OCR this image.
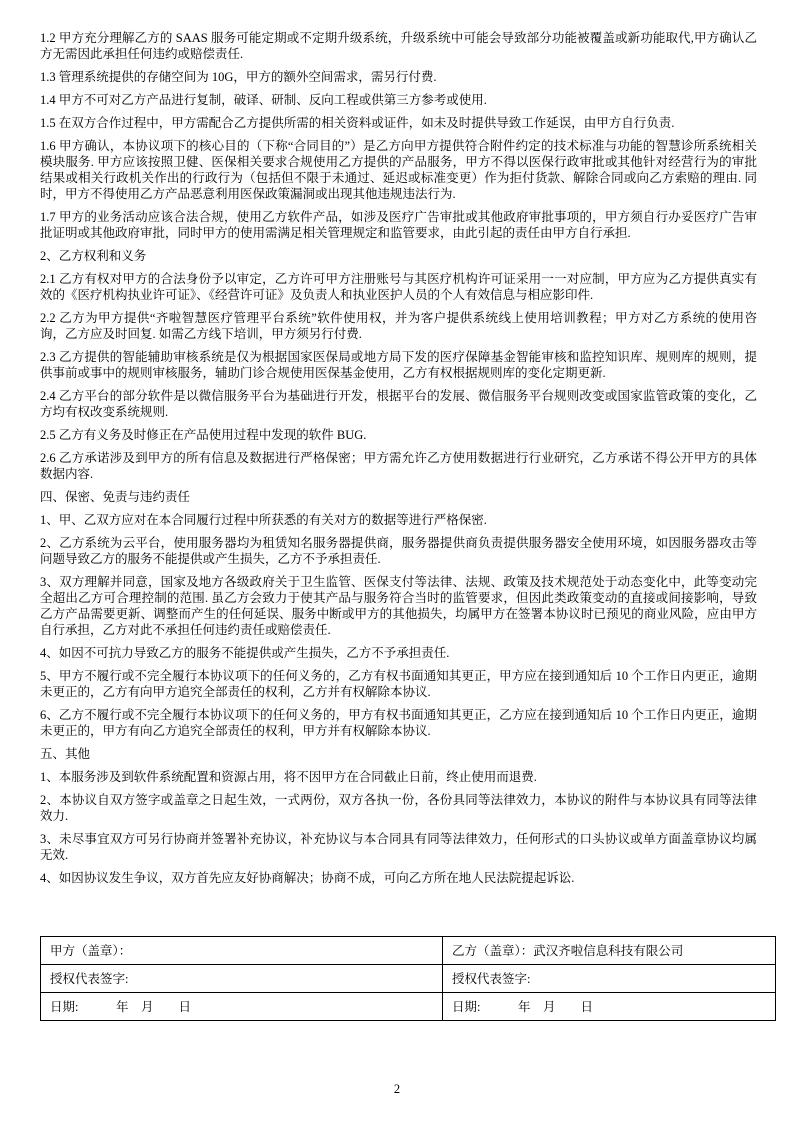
1.2 甲方充分理解乙方的 SAAS 服务可能定期或不定期升级系统，升级系统中可能会导致部分功能被覆盖或新功能取代,甲方确认乙方无需因此承担任何违约或赔偿责任.

1.3 管理系统提供的存储空间为 10G，甲方的额外空间需求，需另行付费.

1.4 甲方不可对乙方产品进行复制，破译、研制、反向工程或供第三方参考或使用.

1.5 在双方合作过程中，甲方需配合乙方提供所需的相关资料或证件，如未及时提供导致工作延误，由甲方自行负责.

1.6 甲方确认，本协议项下的核心目的（下称“合同目的”）是乙方向甲方提供符合附件约定的技术标准与功能的智慧诊所系统相关模块服务. 甲方应该按照卫健、医保相关要求合规使用乙方提供的产品服务，甲方不得以医保行政审批或其他针对经营行为的审批结果或相关行政机关作出的行政行为（包括但不限于未通过、延迟或标准变更）作为拒付货款、解除合同或向乙方索赔的理由. 同时，甲方不得使用乙方产品恶意利用医保政策漏洞或出现其他违规违法行为.

1.7 甲方的业务活动应该合法合规，使用乙方软件产品，如涉及医疗广告审批或其他政府审批事项的，甲方须自行办妥医疗广告审批证明或其他政府审批，同时甲方的使用需满足相关管理规定和监管要求，由此引起的责任由甲方自行承担.

2、乙方权利和义务

2.1 乙方有权对甲方的合法身份予以审定，乙方许可甲方注册账号与其医疗机构许可证采用一一对应制，甲方应为乙方提供真实有效的《医疗机构执业许可证》、《经营许可证》及负责人和执业医护人员的个人有效信息与相应影印件.

2.2 乙方为甲方提供“齐啦智慧医疗管理平台系统”软件使用权，并为客户提供系统线上使用培训教程；甲方对乙方系统的使用咨询，乙方应及时回复. 如需乙方线下培训，甲方须另行付费.

2.3 乙方提供的智能辅助审核系统是仅为根据国家医保局或地方局下发的医疗保障基金智能审核和监控知识库、规则库的规则，提供事前或事中的规则审核服务，辅助门诊合规使用医保基金使用，乙方有权根据规则库的变化定期更新.

2.4 乙方平台的部分软件是以微信服务平台为基础进行开发，根据平台的发展、微信服务平台规则改变或国家监管政策的变化，乙方均有权改变系统规则.

2.5 乙方有义务及时修正在产品使用过程中发现的软件 BUG.

2.6 乙方承诺涉及到甲方的所有信息及数据进行严格保密；甲方需允许乙方使用数据进行行业研究，乙方承诺不得公开甲方的具体数据内容.

四、保密、免责与违约责任

1、甲、乙双方应对在本合同履行过程中所获悉的有关对方的数据等进行严格保密.

2、乙方系统为云平台，使用服务器均为租赁知名服务器提供商，服务器提供商负责提供服务器安全使用环境，如因服务器攻击等问题导致乙方的服务不能提供或产生损失，乙方不予承担责任.

3、双方理解并同意，国家及地方各级政府关于卫生监管、医保支付等法律、法规、政策及技术规范处于动态变化中，此等变动完全超出乙方可合理控制的范围. 虽乙方会致力于使其产品与服务符合当时的监管要求，但因此类政策变动的直接或间接影响，导致乙方产品需要更新、调整而产生的任何延误、服务中断或甲方的其他损失，均属甲方在签署本协议时已预见的商业风险，应由甲方自行承担，乙方对此不承担任何违约责任或赔偿责任.

4、如因不可抗力导致乙方的服务不能提供或产生损失，乙方不予承担责任.

5、甲方不履行或不完全履行本协议项下的任何义务的，乙方有权书面通知其更正，甲方应在接到通知后 10 个工作日内更正，逾期未更正的，乙方有向甲方追究全部责任的权利，乙方并有权解除本协议.

6、乙方不履行或不完全履行本协议项下的任何义务的，甲方有权书面通知其更正，乙方应在接到通知后 10 个工作日内更正，逾期未更正的，甲方有向乙方追究全部责任的权利，甲方并有权解除本协议.

五、其他

1、本服务涉及到软件系统配置和资源占用，将不因甲方在合同截止日前，终止使用而退费.

2、本协议自双方签字或盖章之日起生效，一式两份，双方各执一份，各份具同等法律效力，本协议的附件与本协议具有同等法律效力.

3、未尽事宜双方可另行协商并签署补充协议，补充协议与本合同具有同等法律效力，任何形式的口头协议或单方面盖章协议均属无效.

4、如因协议发生争议，双方首先应友好协商解决；协商不成，可向乙方所在地人民法院提起诉讼.

甲方（盖章）：	乙方（盖章）：武汉齐啦信息科技有限公司
授权代表签字:	授权代表签字:
日期:　　　年　月　　日	日期:　　　年　月　　日
2
